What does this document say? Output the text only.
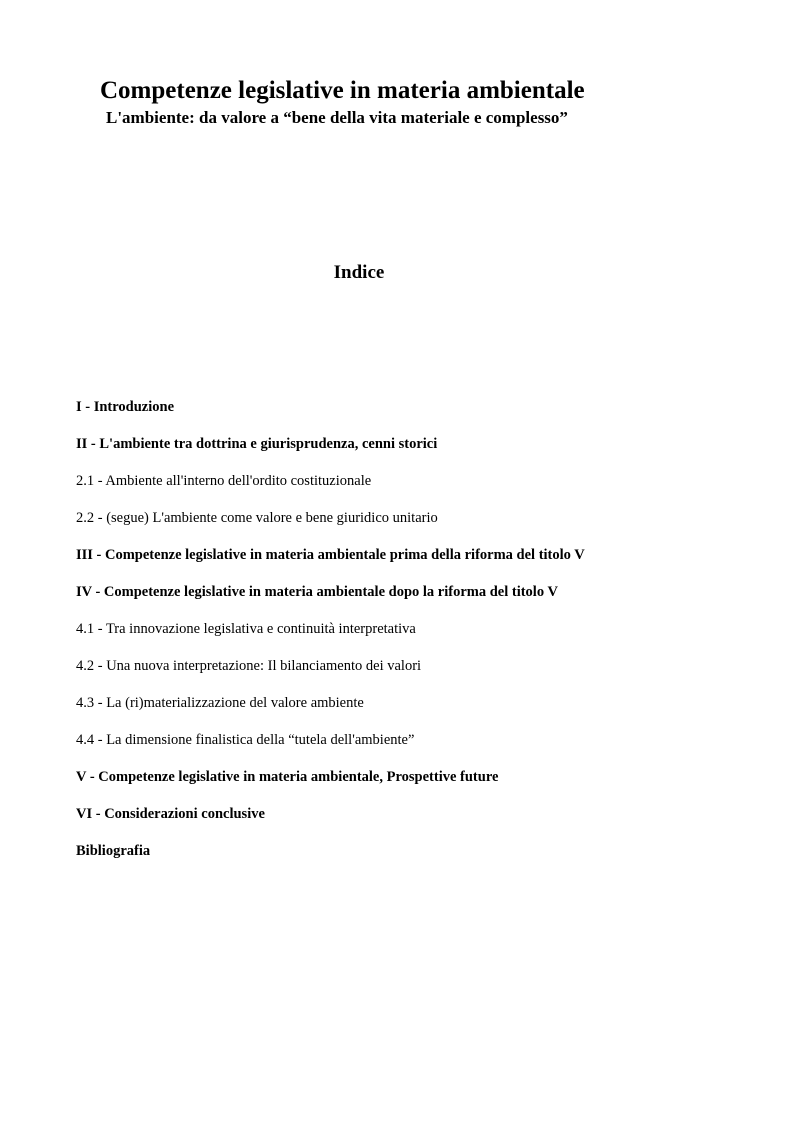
Competenze legislative in materia ambientale
L'ambiente: da valore a “bene della vita materiale e complesso”
Indice
I - Introduzione
II - L'ambiente tra dottrina e giurisprudenza, cenni storici
2.1 - Ambiente all'interno dell'ordito costituzionale
2.2 - (segue) L'ambiente come valore e bene giuridico unitario
III - Competenze legislative in materia ambientale prima della riforma del titolo V
IV - Competenze legislative in materia ambientale dopo la riforma del titolo V
4.1 - Tra innovazione legislativa e continuità interpretativa
4.2 - Una nuova interpretazione: Il bilanciamento dei valori
4.3 - La (ri)materializzazione del valore ambiente
4.4 - La dimensione finalistica della “tutela dell'ambiente”
V - Competenze legislative in materia ambientale, Prospettive future
VI - Considerazioni conclusive
Bibliografia
